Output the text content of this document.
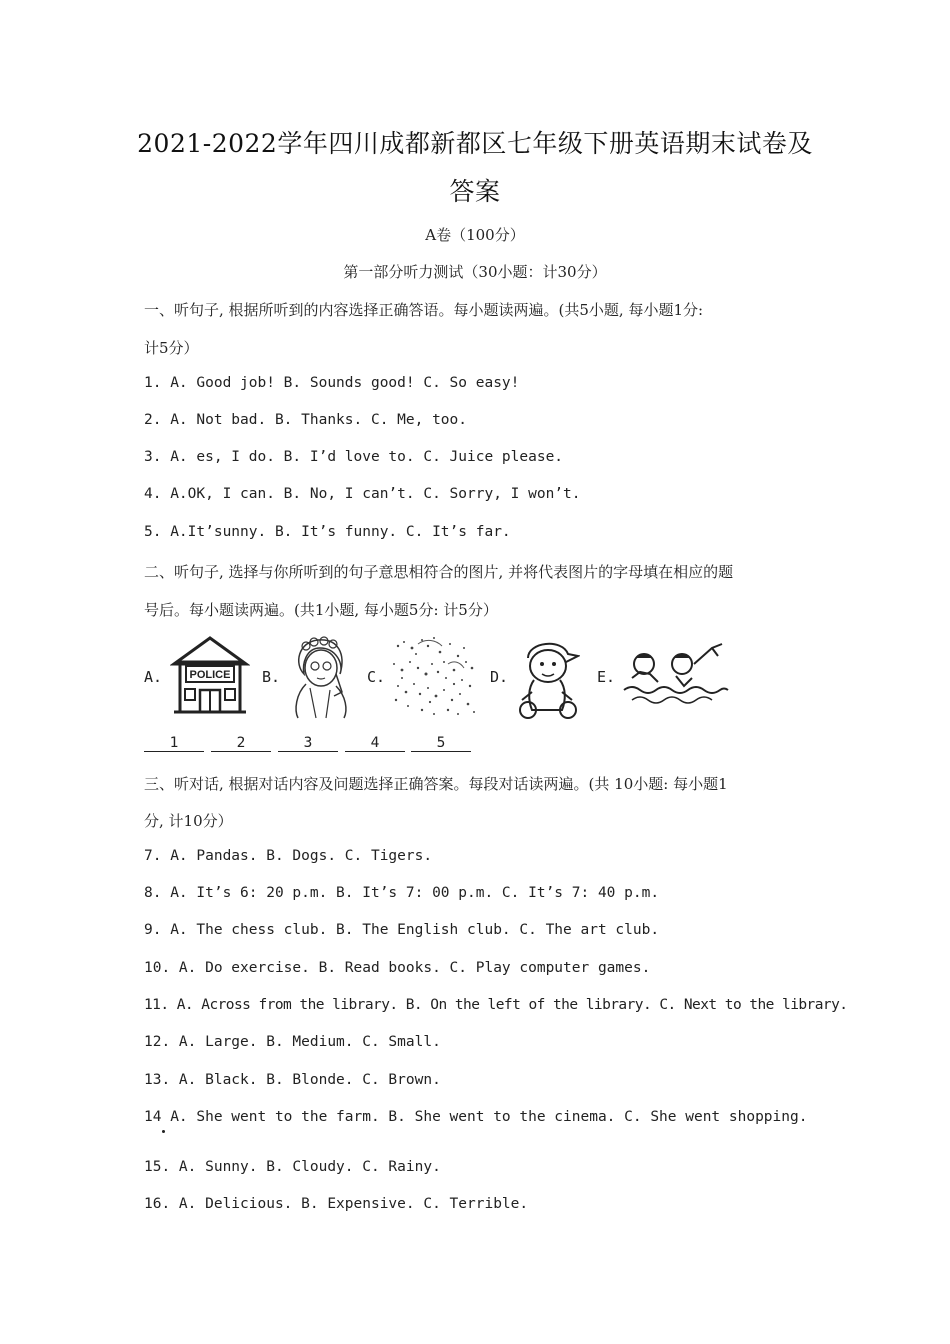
2021-2022学年四川成都新都区七年级下册英语期末试卷及
答案
A卷（100分）
第一部分听力测试（30小题：计30分）
一、听句子, 根据所听到的内容选择正确答语。每小题读两遍。(共5小题, 每小题1分:
计5分）
1. A. Good job! B. Sounds good! C. So easy!
2. A. Not bad. B. Thanks. C. Me, too.
3. A. es, I do. B. I’d love to. C. Juice please.
4. A.OK, I can. B. No, I can’t. C. Sorry, I won’t.
5. A.It’sunny. B. It’s funny. C. It’s far.
二、听句子, 选择与你所听到的句子意思相符合的图片, 并将代表图片的字母填在相应的题
号后。每小题读两遍。(共1小题, 每小题5分: 计5分）
A. POLICE B.	C.	D.	E.
1	2	3	4	5
三、听对话, 根据对话内容及问题选择正确答案。每段对话读两遍。(共 10小题: 每小题1
分, 计10分）
7. A. Pandas. B. Dogs. C. Tigers.
8. A. It’s 6: 20 p.m. B. It’s 7: 00 p.m. C. It’s 7: 40 p.m.
9. A. The chess club. B. The English club. C. The art club.
10. A. Do exercise. B. Read books. C. Play computer games.
11. A. Across from the library. B. On the left of the library. C. Next to the library.
12. A. Large. B. Medium. C. Small.
13. A. Black. B. Blonde. C. Brown.
14 A. She went to the farm. B. She went to the cinema. C. She went shopping.
15. A. Sunny. B. Cloudy. C. Rainy.
16. A. Delicious. B. Expensive. C. Terrible.
